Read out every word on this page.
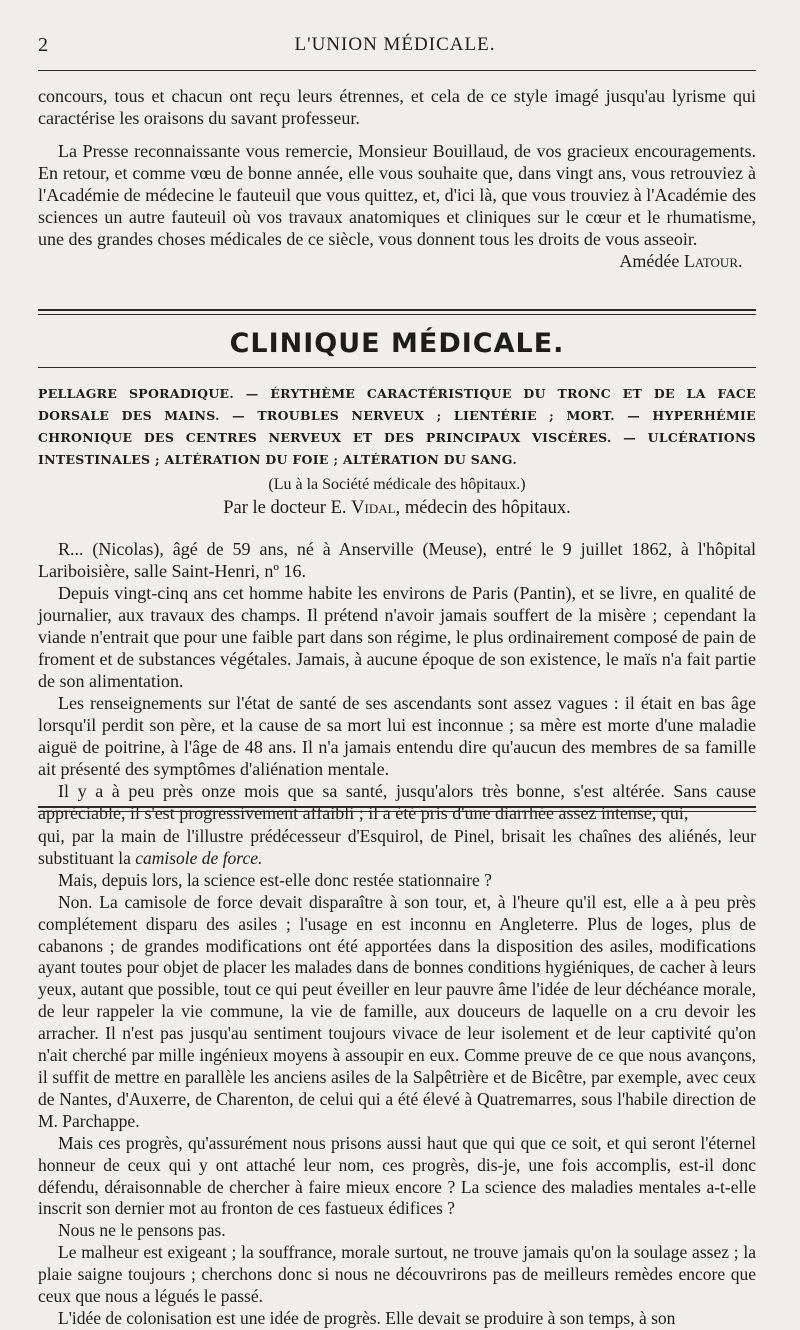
2	L'UNION MÉDICALE.

concours, tous et chacun ont reçu leurs étrennes, et cela de ce style imagé jusqu'au lyrisme qui caractérise les oraisons du savant professeur.

La Presse reconnaissante vous remercie, Monsieur Bouillaud, de vos gracieux encouragements. En retour, et comme vœu de bonne année, elle vous souhaite que, dans vingt ans, vous retrouviez à l'Académie de médecine le fauteuil que vous quittez, et, d'ici là, que vous trouviez à l'Académie des sciences un autre fauteuil où vos travaux anatomiques et cliniques sur le cœur et le rhumatisme, une des grandes choses médicales de ce siècle, vous donnent tous les droits de vous asseoir.

Amédée Latour.

CLINIQUE MÉDICALE.
PELLAGRE SPORADIQUE. — ÉRYTHÈME CARACTÉRISTIQUE DU TRONC ET DE LA FACE DORSALE DES MAINS. — TROUBLES NERVEUX ; LIENTÉRIE ; MORT. — HYPERHÉMIE CHRONIQUE DES CENTRES NERVEUX ET DES PRINCIPAUX VISCÈRES. — ULCÉRATIONS INTESTINALES ; ALTÉRATION DU FOIE ; ALTÉRATION DU SANG.
(Lu à la Société médicale des hôpitaux.)
Par le docteur E. Vidal, médecin des hôpitaux.

R... (Nicolas), âgé de 59 ans, né à Anserville (Meuse), entré le 9 juillet 1862, à l'hôpital Lariboisière, salle Saint-Henri, nº 16.

Depuis vingt-cinq ans cet homme habite les environs de Paris (Pantin), et se livre, en qualité de journalier, aux travaux des champs. Il prétend n'avoir jamais souffert de la misère ; cependant la viande n'entrait que pour une faible part dans son régime, le plus ordinairement composé de pain de froment et de substances végétales. Jamais, à aucune époque de son existence, le maïs n'a fait partie de son alimentation.

Les renseignements sur l'état de santé de ses ascendants sont assez vagues : il était en bas âge lorsqu'il perdit son père, et la cause de sa mort lui est inconnue ; sa mère est morte d'une maladie aiguë de poitrine, à l'âge de 48 ans. Il n'a jamais entendu dire qu'aucun des membres de sa famille ait présenté des symptômes d'aliénation mentale.

Il y a à peu près onze mois que sa santé, jusqu'alors très bonne, s'est altérée. Sans cause appréciable, il s'est progressivement affaibli ; il a été pris d'une diarrhée assez intense, qui,

qui, par la main de l'illustre prédécesseur d'Esquirol, de Pinel, brisait les chaînes des aliénés, leur substituant la camisole de force.

Mais, depuis lors, la science est-elle donc restée stationnaire ?

Non. La camisole de force devait disparaître à son tour, et, à l'heure qu'il est, elle a à peu près complétement disparu des asiles ; l'usage en est inconnu en Angleterre. Plus de loges, plus de cabanons ; de grandes modifications ont été apportées dans la disposition des asiles, modifications ayant toutes pour objet de placer les malades dans de bonnes conditions hygiéniques, de cacher à leurs yeux, autant que possible, tout ce qui peut éveiller en leur pauvre âme l'idée de leur déchéance morale, de leur rappeler la vie commune, la vie de famille, aux douceurs de laquelle on a cru devoir les arracher. Il n'est pas jusqu'au sentiment toujours vivace de leur isolement et de leur captivité qu'on n'ait cherché par mille ingénieux moyens à assoupir en eux. Comme preuve de ce que nous avançons, il suffit de mettre en parallèle les anciens asiles de la Salpêtrière et de Bicêtre, par exemple, avec ceux de Nantes, d'Auxerre, de Charenton, de celui qui a été élevé à Quatremarres, sous l'habile direction de M. Parchappe.

Mais ces progrès, qu'assurément nous prisons aussi haut que qui que ce soit, et qui seront l'éternel honneur de ceux qui y ont attaché leur nom, ces progrès, dis-je, une fois accomplis, est-il donc défendu, déraisonnable de chercher à faire mieux encore ? La science des maladies mentales a-t-elle inscrit son dernier mot au fronton de ces fastueux édifices ?

Nous ne le pensons pas.

Le malheur est exigeant ; la souffrance, morale surtout, ne trouve jamais qu'on la soulage assez ; la plaie saigne toujours ; cherchons donc si nous ne découvrirons pas de meilleurs remèdes encore que ceux que nous a légués le passé.

L'idée de colonisation est une idée de progrès. Elle devait se produire à son temps, à son
